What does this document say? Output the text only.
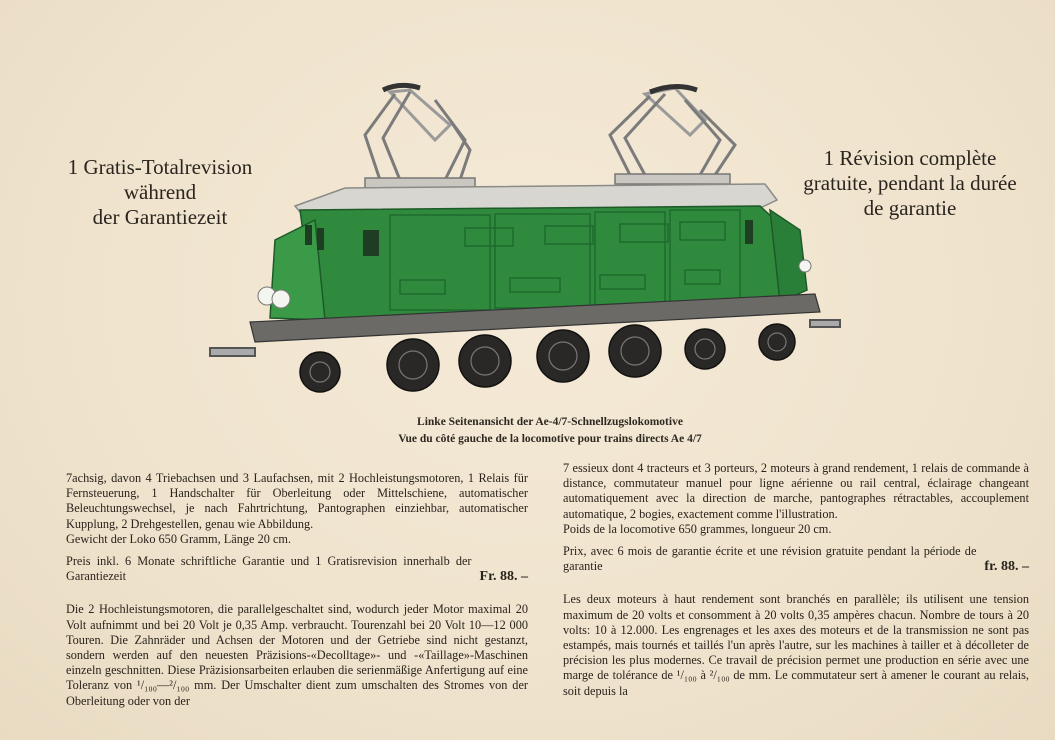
1 Gratis-Totalrevision
während
der Garantiezeit
1 Révision complète
gratuite, pendant la durée
de garantie
Linke Seitenansicht der Ae-4/7-Schnellzugslokomotive
Vue du côté gauche de la locomotive pour trains directs Ae 4/7

7achsig, davon 4 Triebachsen und 3 Laufachsen, mit 2 Hochleistungsmotoren, 1 Relais für Fernsteuerung, 1 Handschalter für Oberleitung oder Mittelschiene, automatischer Beleuchtungswechsel, je nach Fahrtrichtung, Pantographen einziehbar, automatischer Kupplung, 2 Drehgestellen, genau wie Abbildung.

Gewicht der Loko 650 Gramm, Länge 20 cm.

Preis inkl. 6 Monate schriftliche Garantie und 1 Gratisrevision innerhalb der Garantiezeit	Fr. 88. –

Die 2 Hochleistungsmotoren, die parallelgeschaltet sind, wodurch jeder Motor maximal 20 Volt aufnimmt und bei 20 Volt je 0,35 Amp. verbraucht. Tourenzahl bei 20 Volt 10—12 000 Touren. Die Zahnräder und Achsen der Motoren und der Getriebe sind nicht gestanzt, sondern werden auf den neuesten Präzisions-«Decolltage»- und -«Taillage»-Maschinen einzeln geschnitten. Diese Präzisionsarbeiten erlauben die serienmäßige Anfertigung auf eine Toleranz von ¹/₁₀₀—²/₁₀₀ mm. Der Umschalter dient zum umschalten des Stromes von der Oberleitung oder von der

7 essieux dont 4 tracteurs et 3 porteurs, 2 moteurs à grand rendement, 1 relais de commande à distance, commutateur manuel pour ligne aérienne ou rail central, éclairage changeant automatiquement avec la direction de marche, pantographes rétractables, accouplement automatique, 2 bogies, exactement comme l'illustration.

Poids de la locomotive 650 grammes, longueur 20 cm.

Prix, avec 6 mois de garantie écrite et une révision gratuite pendant la période de garantie	fr. 88. –

Les deux moteurs à haut rendement sont branchés en parallèle; ils utilisent une tension maximum de 20 volts et consomment à 20 volts 0,35 ampères chacun. Nombre de tours à 20 volts: 10 à 12.000. Les engrenages et les axes des moteurs et de la transmission ne sont pas estampés, mais tournés et taillés l'un après l'autre, sur les machines à tailler et à décolleter de précision les plus modernes. Ce travail de précision permet une production en série avec une marge de tolérance de ¹/₁₀₀ à ²/₁₀₀ de mm. Le commutateur sert à amener le courant au relais, soit depuis la
